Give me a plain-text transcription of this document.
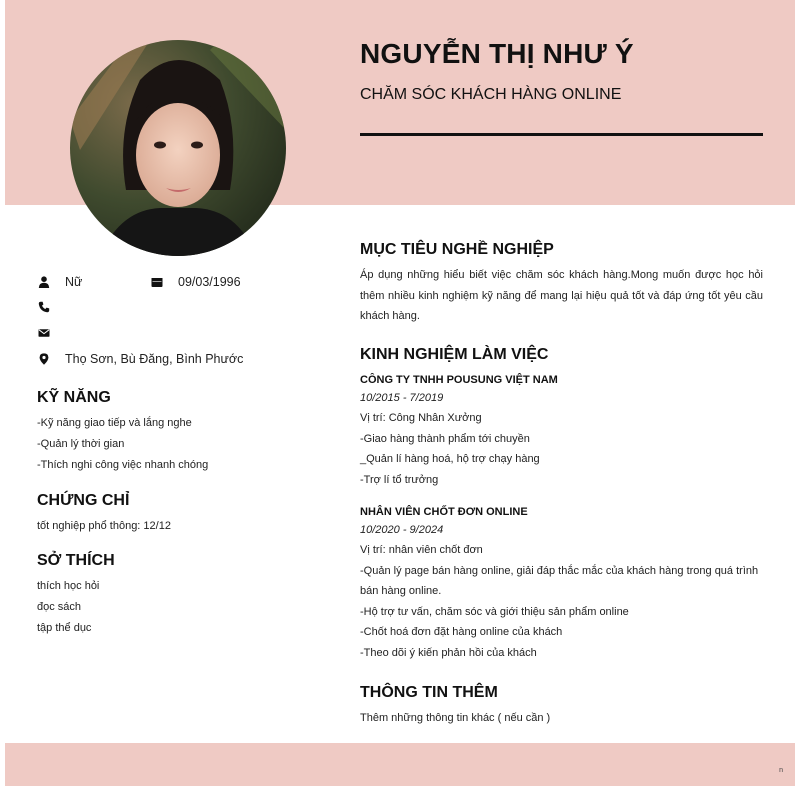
NGUYỄN THỊ NHƯ Ý
CHĂM SÓC KHÁCH HÀNG ONLINE
Nữ	09/03/1996
Thọ Sơn, Bù Đăng, Bình Phước
KỸ NĂNG
-Kỹ năng giao tiếp và lắng nghe
-Quản lý thời gian
-Thích nghi công việc nhanh chóng
CHỨNG CHỈ
tốt nghiệp phổ thông: 12/12
SỞ THÍCH
thích học hỏi
đọc sách
tập thể dục
MỤC TIÊU NGHỀ NGHIỆP

Áp dụng những hiểu biết việc chăm sóc khách hàng.Mong muốn được học hỏi thêm nhiều kinh nghiệm kỹ năng để mang lại hiệu quả tốt và đáp ứng tốt yêu cầu khách hàng.

KINH NGHIỆM LÀM VIỆC
CÔNG TY TNHH POUSUNG VIỆT NAM
10/2015 - 7/2019
Vị trí: Công Nhân Xưởng
-Giao hàng thành phẩm tới chuyền
_Quản lí hàng hoá, hộ trợ chạy hàng
-Trợ lí tổ trưởng
NHÂN VIÊN CHỐT ĐƠN ONLINE
10/2020 - 9/2024
Vị trí: nhân viên chốt đơn
-Quản lý page bán hàng online, giải đáp thắc mắc của khách hàng trong quá trình bán hàng online.
-Hộ trợ tư vấn, chăm sóc và giới thiệu sản phẩm online
-Chốt hoá đơn đặt hàng online của khách
-Theo dõi ý kiến phản hồi của khách
THÔNG TIN THÊM

Thêm những thông tin khác ( nếu cần )

n
